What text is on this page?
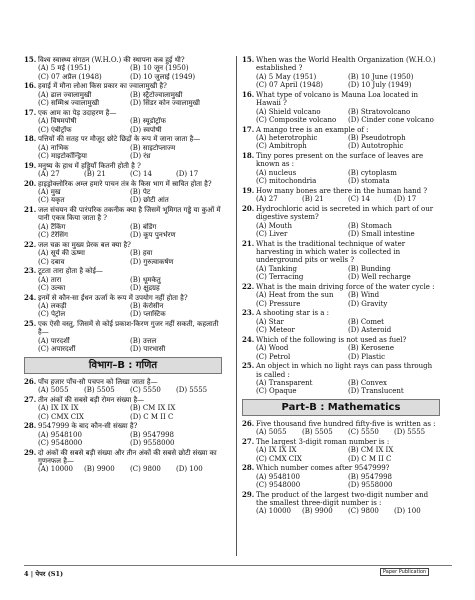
15. विश्व स्वास्थ्य संगठन (W.H.O.) की स्थापना कब हुई थी?
(A) 5 मई (1951)	(B) 10 जून (1950)
(C) 07 अप्रैल (1948)	(D) 10 जुलाई (1949)
16. हवाई में मौना लोआ किस प्रकार का ज्वालामुखी है?
(A) ढाल ज्वालामुखी	(B) स्ट्रैटोज्वालामुखी
(C) सम्मिश्र ज्वालामुखी	(D) सिंडर कोन ज्वालामुखी
17. एक आम का पेड़ उदाहरण है—
(A) विषमपोषी	(B) स्यूडोट्रॉफ
(C) एंबीट्रॉफ	(D) स्वपोषी
18. पत्तियों की सतह पर मौजूद छोटे छिद्रों के रूप में जाना जाता है—
(A) नाभिक	(B) साइटोप्लाज्म
(C) माइटोकॉन्ड्रिया	(D) रंध्र
19. मनुष्य के हाथ में हड्डियाँ कितनी होती है ?
(A) 27	(B) 21	(C) 14	(D) 17
20. हाइड्रोक्लोरिक अम्ल हमारे पाचन तंत्र के किस भाग में स्रावित होता है?
(A) मुख	(B) पेट
(C) यकृत	(D) छोटी आंत
21. जल संचयन की पारंपरिक तकनीक क्या है जिसमें भूमिगत गड्ढे या कुओं में पानी एकत्र किया जाता है ?
(A) टैंकिंग	(B) बंडिंग
(C) टेरेसिंग	(D) कूप पुनर्भरण
22. जल चक्र का मुख्य प्रेरक बल क्या है?
(A) सूर्य की ऊष्मा	(B) हवा
(C) दबाव	(D) गुरुत्वाकर्षण
23. टूटता तारा होता है कोई—
(A) तारा	(B) धूमकेतु
(C) उल्का	(D) क्षुद्रग्रह
24. इनमें से कौन-सा ईंधन ऊर्जा के रूप में उपयोग नहीं होता है?
(A) लकड़ी	(B) केरोसीन
(C) पेट्रोल	(D) प्लास्टिक
25. एक ऐसी वस्तु, जिसमें से कोई प्रकाश-किरण गुजर नहीं सकती, कहलाती है—
(A) पारदर्शी	(B) उत्तल
(C) अपारदर्शी	(D) पारभासी
विभाग–B : गणित
26. पाँच हजार पाँच-सौ पचपन को लिखा जाता है—
(A) 5055	(B) 5505	(C) 5550	(D) 5555
27. तीन अंकों की सबसे बड़ी रोमन संख्या है—
(A) IX IX IX	(B) CM IX IX
(C) CMX CIX	(D) C M II C
28. 9547999 के बाद कौन-सी संख्या है?
(A) 9548100	(B) 9547998
(C) 9548000	(D) 9558000
29. दो अंकों की सबसे बड़ी संख्या और तीन अंकों की सबसे छोटी संख्या का गुणनफल है—
(A) 10000	(B) 9900	(C) 9800	(D) 100
15. When was the World Health Organization (W.H.O.) established ?
(A) 5 May (1951)	(B) 10 June (1950)
(C) 07 April (1948)	(D) 10 July (1949)
16. What type of volcano is Mauna Loa located in Hawaii ?
(A) Shield volcano	(B) Stratovolcano
(C) Composite volcano	(D) Cinder cone volcano
17. A mango tree is an example of :
(A) heterotrophic	(B) Pseudotroph
(C) Ambitroph	(D) Autotrophic
18. Tiny pores present on the surface of leaves are known as :
(A) nucleus	(B) cytoplasm
(C) mitochondria	(D) stomata
19. How many bones are there in the human hand ?
(A) 27	(B) 21	(C) 14	(D) 17
20. Hydrochloric acid is secreted in which part of our digestive system?
(A) Mouth	(B) Stomach
(C) Liver	(D) Small intestine
21. What is the traditional technique of water harvesting in which water is collected in underground pits or wells ?
(A) Tanking	(B) Bunding
(C) Terracing	(D) Well recharge
22. What is the main driving force of the water cycle :
(A) Heat from the sun	(B) Wind
(C) Pressure	(D) Gravity
23. A shooting star is a :
(A) Star	(B) Comet
(C) Meteor	(D) Asteroid
24. Which of the following is not used as fuel?
(A) Wood	(B) Kerosene
(C) Petrol	(D) Plastic
25. An object in which no light rays can pass through is called :
(A) Transparent	(B) Convex
(C) Opaque	(D) Translucent
Part-B : Mathematics
26. Five thousand five hundred fifty-five is written as :
(A) 5055	(B) 5505	(C) 5550	(D) 5555
27. The largest 3-digit roman number is :
(A) IX IX IX	(B) CM IX IX
(C) CMX CIX	(D) C M II C
28. Which number comes after 9547999?
(A) 9548100	(B) 9547998
(C) 9548000	(D) 9558000
29. The product of the largest two-digit number and the smallest three-digit number is :
(A) 10000	(B) 9900	(C) 9800	(D) 100
4 | पेपर (S1)	Paper Publication
